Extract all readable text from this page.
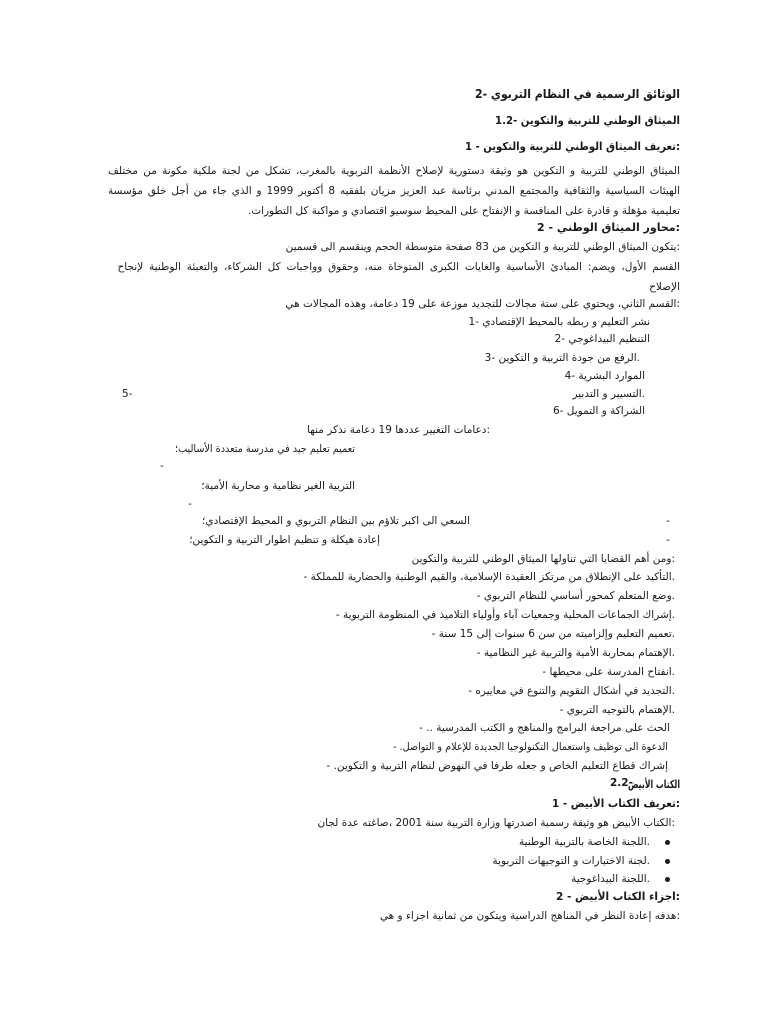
الوثائق الرسمية في النظام التربوي -2
الميثاق الوطني للتربية والتكوين -1.2
:تعريف الميثاق الوطني للتربية والتكوين - 1
الميثاق الوطني للتربية و التكوين هو وثيقة دستورية لإصلاح الأنظمة التربوية بالمغرب، تشكل من لجنة ملكية مكونة من مختلف
الهيئات السياسية والثقافية والمجتمع المدني برئاسة عبد العزيز مزيان بلفقيه 8 أكتوبر 1999 و الذي جاء من أجل خلق مؤسسة
تعليمية مؤهلة و قادرة على المنافسة و الإنفتاح على المحيط سوسيو اقتصادي و مواكبة كل التطورات.
:محاور الميثاق الوطني - 2
:يتكون الميثاق الوطني للتربية و التكوين من 83 صفحة متوسطة الحجم وينقسم الى قسمين
القسم الأول، ويضم: المبادئ الأساسية والغايات الكبرى المتوخاة منه، وحقوق وواجبات كل الشركاء، والتعبئة الوطنية لإنجاح
الإصلاح
:القسم الثاني، ويحتوي على ستة مجالات للتجديد موزعة على 19 دعامة، وهذه المجالات هي
نشر التعليم و ربطه بالمحيط الإقتصادي -1
التنظيم البيداغوجي -2
.الرفع من جودة التربية و التكوين -3
الموارد البشرية -4
.التسيير و التدبير
5-
الشراكة و التمويل -6
:دعامات التغيير عددها 19 دعامة نذكر منها
تعميم تعليم جيد في مدرسة متعددة الأساليب؛
-
التربية الغير نظامية و محاربة الأمية؛
-
السعي الى اكبر تلاؤم بين النظام التربوي و المحيط الإقتصادي؛	-
إعادة هيكلة و تنظيم اطوار التربية و التكوين؛	-
:ومن أهم القضايا التي تناولها الميثاق الوطني للتربية والتكوين
.التأكيد على الإنطلاق من مرتكز العقيدة الإسلامية، والقيم الوطنية والحضارية للمملكة -
.وضع المتعلم كمحور أساسي للنظام التربوي -
.إشراك الجماعات المحلية وجمعيات آباء وأولياء التلاميذ في المنظومة التربوية -
.تعميم التعليم وإلزاميته من سن 6 سنوات إلى 15 سنة -
.الإهتمام بمحاربة الأمية والتربية غير النظامية -
.انفتاح المدرسة على محيطها -
.التجديد في أشكال التقويم والتنوع في معاييره -
.الإهتمام بالتوجيه التربوي -
الحث على مراجعة البرامج والمناهج و الكتب المدرسية .. -
الدعوة الى توظيف واستعمال التكنولوجيا الجديدة للإعلام و التواصل. -
إشراك قطاع التعليم الخاص و جعله طرفا في النهوض لنظام التربية و التكوين. -
الكتاب الأبيض
2.2-
:تعريف الكتاب الأبيض - 1
:الكتاب الأبيض هو وثيقة رسمية اصدرتها وزارة التربية سنة 2001 ،صاغته عدة لجان
.اللجنة الخاصة بالتربية الوطنية
.لجنة الاختيارات و التوجيهات التربوية
.اللجنة البيداغوجية
:اجزاء الكتاب الأبيض - 2
:هدفه إعادة النظر في المناهج الدراسية ويتكون من ثمانية اجزاء و هي
